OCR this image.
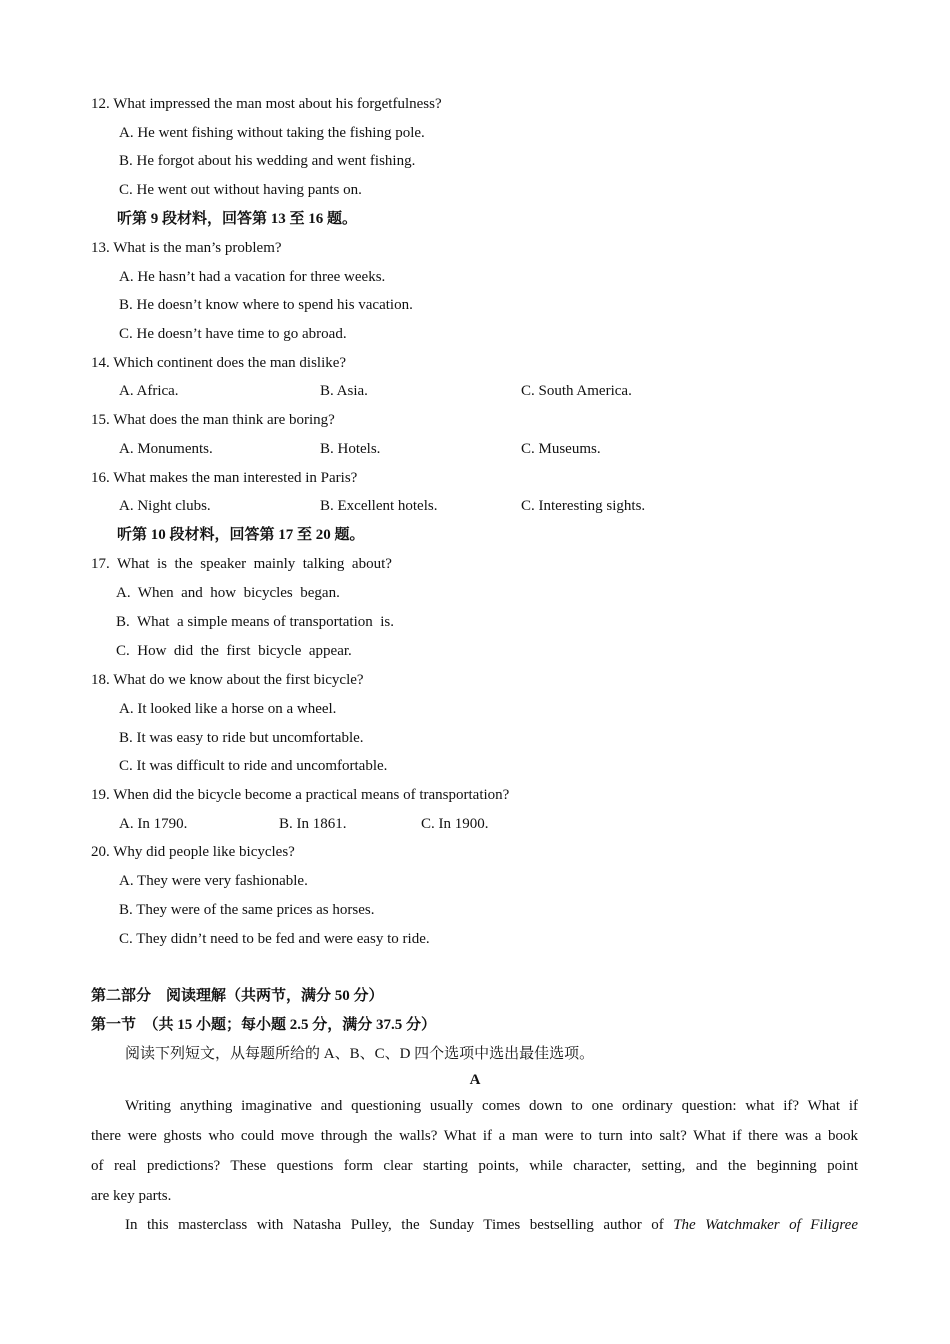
12. What impressed the man most about his forgetfulness?
A. He went fishing without taking the fishing pole.
B. He forgot about his wedding and went fishing.
C. He went out without having pants on.
听第 9 段材料，回答第 13 至 16 题。
13. What is the man’s problem?
A. He hasn’t had a vacation for three weeks.
B. He doesn’t know where to spend his vacation.
C. He doesn’t have time to go abroad.
14. Which continent does the man dislike?
A. Africa.	B. Asia.	C. South America.
15. What does the man think are boring?
A. Monuments.	B. Hotels.	C. Museums.
16. What makes the man interested in Paris?
A. Night clubs.	B. Excellent hotels.	C. Interesting sights.
听第 10 段材料，回答第 17 至 20 题。
17.  What  is  the  speaker  mainly  talking  about?
A.  When  and  how  bicycles  began.
B.  What  a simple means of transportation  is.
C.  How  did  the  first  bicycle  appear.
18. What do we know about the first bicycle?
A. It looked like a horse on a wheel.
B. It was easy to ride but uncomfortable.
C. It was difficult to ride and uncomfortable.
19. When did the bicycle become a practical means of transportation?
A. In 1790.	B. In 1861.	C. In 1900.
20. Why did people like bicycles?
A. They were very fashionable.
B. They were of the same prices as horses.
C. They didn’t need to be fed and were easy to ride.
第二部分    阅读理解（共两节，满分 50 分）
第一节  （共 15 小题；每小题 2.5 分，满分 37.5 分）
阅读下列短文，从每题所给的 A、B、C、D 四个选项中选出最佳选项。
A
Writing anything imaginative and questioning usually comes down to one ordinary question: what if? What if
there were ghosts who could move through the walls? What if a man were to turn into salt? What if there was a book
of real predictions? These questions form clear starting points, while character, setting, and the beginning point
are key parts.
In this masterclass with Natasha Pulley, the Sunday Times bestselling author of The Watchmaker of Filigree
